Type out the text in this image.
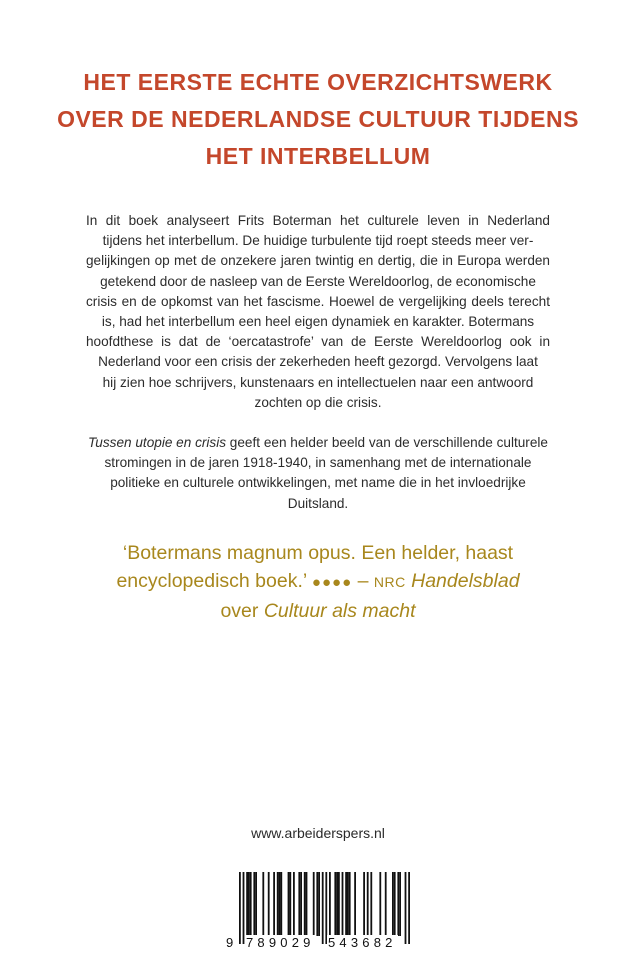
HET EERSTE ECHTE OVERZICHTSWERK
OVER DE NEDERLANDSE CULTUUR TIJDENS
HET INTERBELLUM
In dit boek analyseert Frits Boterman het culturele leven in Nederland
tijdens het interbellum. De huidige turbulente tijd roept steeds meer ver-
gelijkingen op met de onzekere jaren twintig en dertig, die in Europa werden
getekend door de nasleep van de Eerste Wereldoorlog, de economische
crisis en de opkomst van het fascisme. Hoewel de vergelijking deels terecht
is, had het interbellum een heel eigen dynamiek en karakter. Botermans
hoofdthese is dat de ‘oercatastrofe’ van de Eerste Wereldoorlog ook in
Nederland voor een crisis der zekerheden heeft gezorgd. Vervolgens laat
hij zien hoe schrijvers, kunstenaars en intellectuelen naar een antwoord
zochten op die crisis.
Tussen utopie en crisis geeft een helder beeld van de verschillende culturele
stromingen in de jaren 1918-1940, in samenhang met de internationale
politieke en culturele ontwikkelingen, met name die in het invloedrijke
Duitsland.
‘Botermans magnum opus. Een helder, haast
encyclopedisch boek.’ ●●●● – NRC Handelsblad
over Cultuur als macht
www.arbeiderspers.nl
9 789029 543682
